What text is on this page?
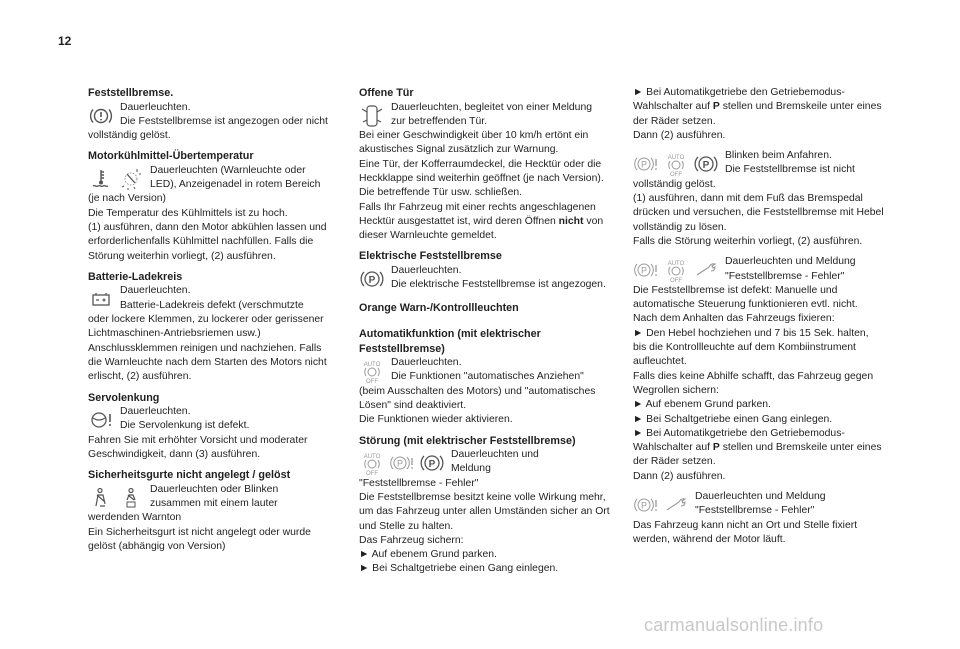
12
Feststellbremse.
Dauerleuchten.
Die Feststellbremse ist angezogen oder nicht
vollständig gelöst.
Motorkühlmittel-Übertemperatur
Dauerleuchten (Warnleuchte oder
LED), Anzeigenadel in rotem Bereich
(je nach Version)
Die Temperatur des Kühlmittels ist zu hoch.
(1) ausführen, dann den Motor abkühlen lassen und
erforderlichenfalls Kühlmittel nachfüllen. Falls die
Störung weiterhin vorliegt, (2) ausführen.
Batterie-Ladekreis
Dauerleuchten.
Batterie-Ladekreis defekt (verschmutzte
oder lockere Klemmen, zu lockerer oder gerissener
Lichtmaschinen-Antriebsriemen usw.)
Anschlussklemmen reinigen und nachziehen. Falls
die Warnleuchte nach dem Starten des Motors nicht
erlischt, (2) ausführen.
Servolenkung
Dauerleuchten.
Die Servolenkung ist defekt.
Fahren Sie mit erhöhter Vorsicht und moderater
Geschwindigkeit, dann (3) ausführen.
Sicherheitsgurte nicht angelegt / gelöst
Dauerleuchten oder Blinken
zusammen mit einem lauter
werdenden Warnton
Ein Sicherheitsgurt ist nicht angelegt oder wurde
gelöst (abhängig von Version)
Offene Tür
Dauerleuchten, begleitet von einer Meldung
zur betreffenden Tür.
Bei einer Geschwindigkeit über 10 km/h ertönt ein
akustisches Signal zusätzlich zur Warnung.
Eine Tür, der Kofferraumdeckel, die Hecktür oder die
Heckklappe sind weiterhin geöffnet (je nach Version).
Die betreffende Tür usw. schließen.
Falls Ihr Fahrzeug mit einer rechts angeschlagenen
Hecktür ausgestattet ist, wird deren Öffnen nicht von
dieser Warnleuchte gemeldet.
Elektrische Feststellbremse
P
Dauerleuchten.
Die elektrische Feststellbremse ist angezogen.
Orange Warn-/Kontrollleuchten
Automatikfunktion (mit elektrischer
Feststellbremse)
AUTO
OFF
Dauerleuchten.
Die Funktionen "automatisches Anziehen"
(beim Ausschalten des Motors) und "automatisches
Lösen" sind deaktiviert.
Die Funktionen wieder aktivieren.
Störung (mit elektrischer Feststellbremse)
AUTO
OFF
P	P
Dauerleuchten und
Meldung
"Feststellbremse - Fehler"
Die Feststellbremse besitzt keine volle Wirkung mehr,
um das Fahrzeug unter allen Umständen sicher an Ort
und Stelle zu halten.
Das Fahrzeug sichern:
► Auf ebenem Grund parken.
► Bei Schaltgetriebe einen Gang einlegen.
► Bei Automatikgetriebe den Getriebemodus-
Wahlschalter auf P stellen und Bremskeile unter eines
der Räder setzen.
Dann (2) ausführen.
P
AUTO
OFF
P
Blinken beim Anfahren.
Die Feststellbremse ist nicht
vollständig gelöst.
(1) ausführen, dann mit dem Fuß das Bremspedal
drücken und versuchen, die Feststellbremse mit Hebel
vollständig zu lösen.
Falls die Störung weiterhin vorliegt, (2) ausführen.
P
AUTO
OFF
Dauerleuchten und Meldung
"Feststellbremse - Fehler"
Die Feststellbremse ist defekt: Manuelle und
automatische Steuerung funktionieren evtl. nicht.
Nach dem Anhalten das Fahrzeugs fixieren:
► Den Hebel hochziehen und 7 bis 15 Sek. halten,
bis die Kontrollleuchte auf dem Kombiinstrument
aufleuchtet.
Falls dies keine Abhilfe schafft, das Fahrzeug gegen
Wegrollen sichern:
► Auf ebenem Grund parken.
► Bei Schaltgetriebe einen Gang einlegen.
► Bei Automatikgetriebe den Getriebemodus-
Wahlschalter auf P stellen und Bremskeile unter eines
der Räder setzen.
Dann (2) ausführen.
P
Dauerleuchten und Meldung
"Feststellbremse - Fehler"
Das Fahrzeug kann nicht an Ort und Stelle fixiert
werden, während der Motor läuft.
carmanualsonline.info
